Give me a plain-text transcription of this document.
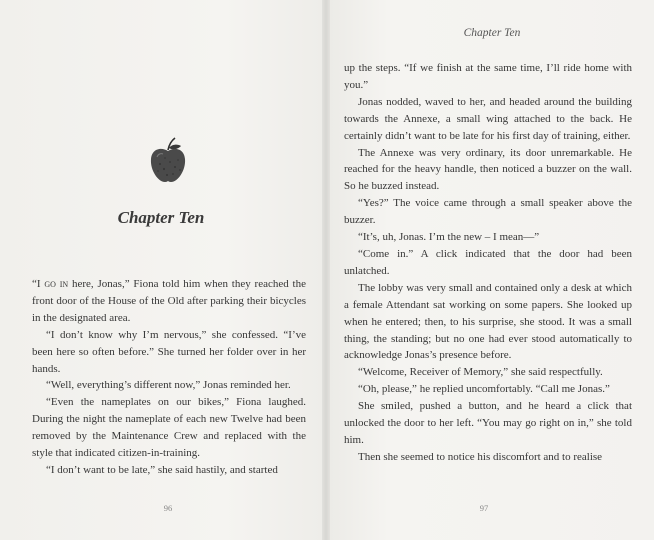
Chapter Ten

“I go in here, Jonas,” Fiona told him when they reached the front door of the House of the Old after parking their bicycles in the designated area.

“I don’t know why I’m nervous,” she confessed. “I’ve been here so often before.” She turned her folder over in her hands.

“Well, everything’s different now,” Jonas reminded her.

“Even the nameplates on our bikes,” Fiona laughed. During the night the nameplate of each new Twelve had been removed by the Maintenance Crew and replaced with the style that indicated citizen-in-training.

“I don’t want to be late,” she said hastily, and started

96
Chapter Ten

up the steps. “If we finish at the same time, I’ll ride home with you.”

Jonas nodded, waved to her, and headed around the building towards the Annexe, a small wing attached to the back. He certainly didn’t want to be late for his first day of training, either.

The Annexe was very ordinary, its door unremarkable. He reached for the heavy handle, then noticed a buzzer on the wall. So he buzzed instead.

“Yes?” The voice came through a small speaker above the buzzer.

“It’s, uh, Jonas. I’m the new – I mean—”

“Come in.” A click indicated that the door had been unlatched.

The lobby was very small and contained only a desk at which a female Attendant sat working on some papers. She looked up when he entered; then, to his surprise, she stood. It was a small thing, the standing; but no one had ever stood automatically to acknowledge Jonas’s presence before.

“Welcome, Receiver of Memory,” she said respectfully.

“Oh, please,” he replied uncomfortably. “Call me Jonas.”

She smiled, pushed a button, and he heard a click that unlocked the door to her left. “You may go right on in,” she told him.

Then she seemed to notice his discomfort and to realise

97
